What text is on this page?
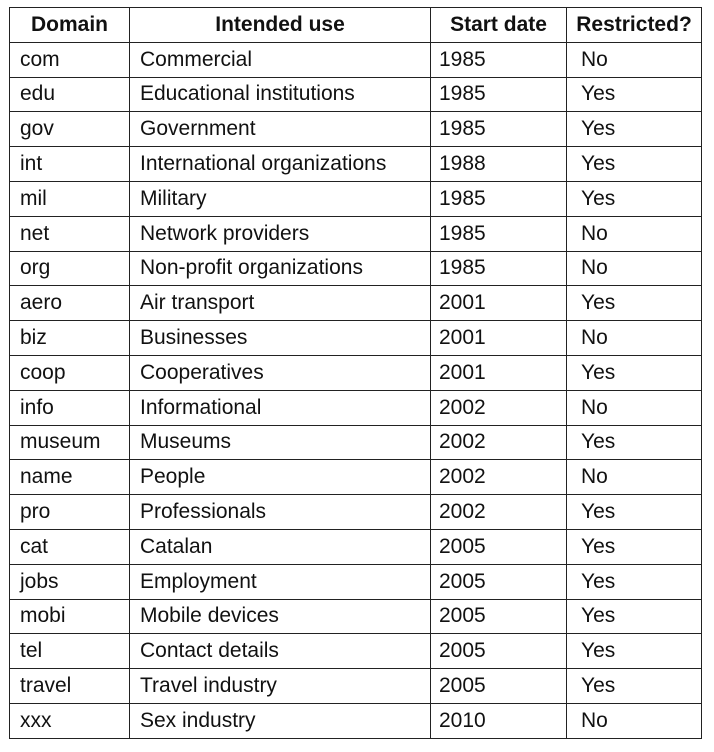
Domain	Intended use	Start date	Restricted?
com	Commercial	1985	No
edu	Educational institutions	1985	Yes
gov	Government	1985	Yes
int	International organizations	1988	Yes
mil	Military	1985	Yes
net	Network providers	1985	No
org	Non-profit organizations	1985	No
aero	Air transport	2001	Yes
biz	Businesses	2001	No
coop	Cooperatives	2001	Yes
info	Informational	2002	No
museum	Museums	2002	Yes
name	People	2002	No
pro	Professionals	2002	Yes
cat	Catalan	2005	Yes
jobs	Employment	2005	Yes
mobi	Mobile devices	2005	Yes
tel	Contact details	2005	Yes
travel	Travel industry	2005	Yes
xxx	Sex industry	2010	No
